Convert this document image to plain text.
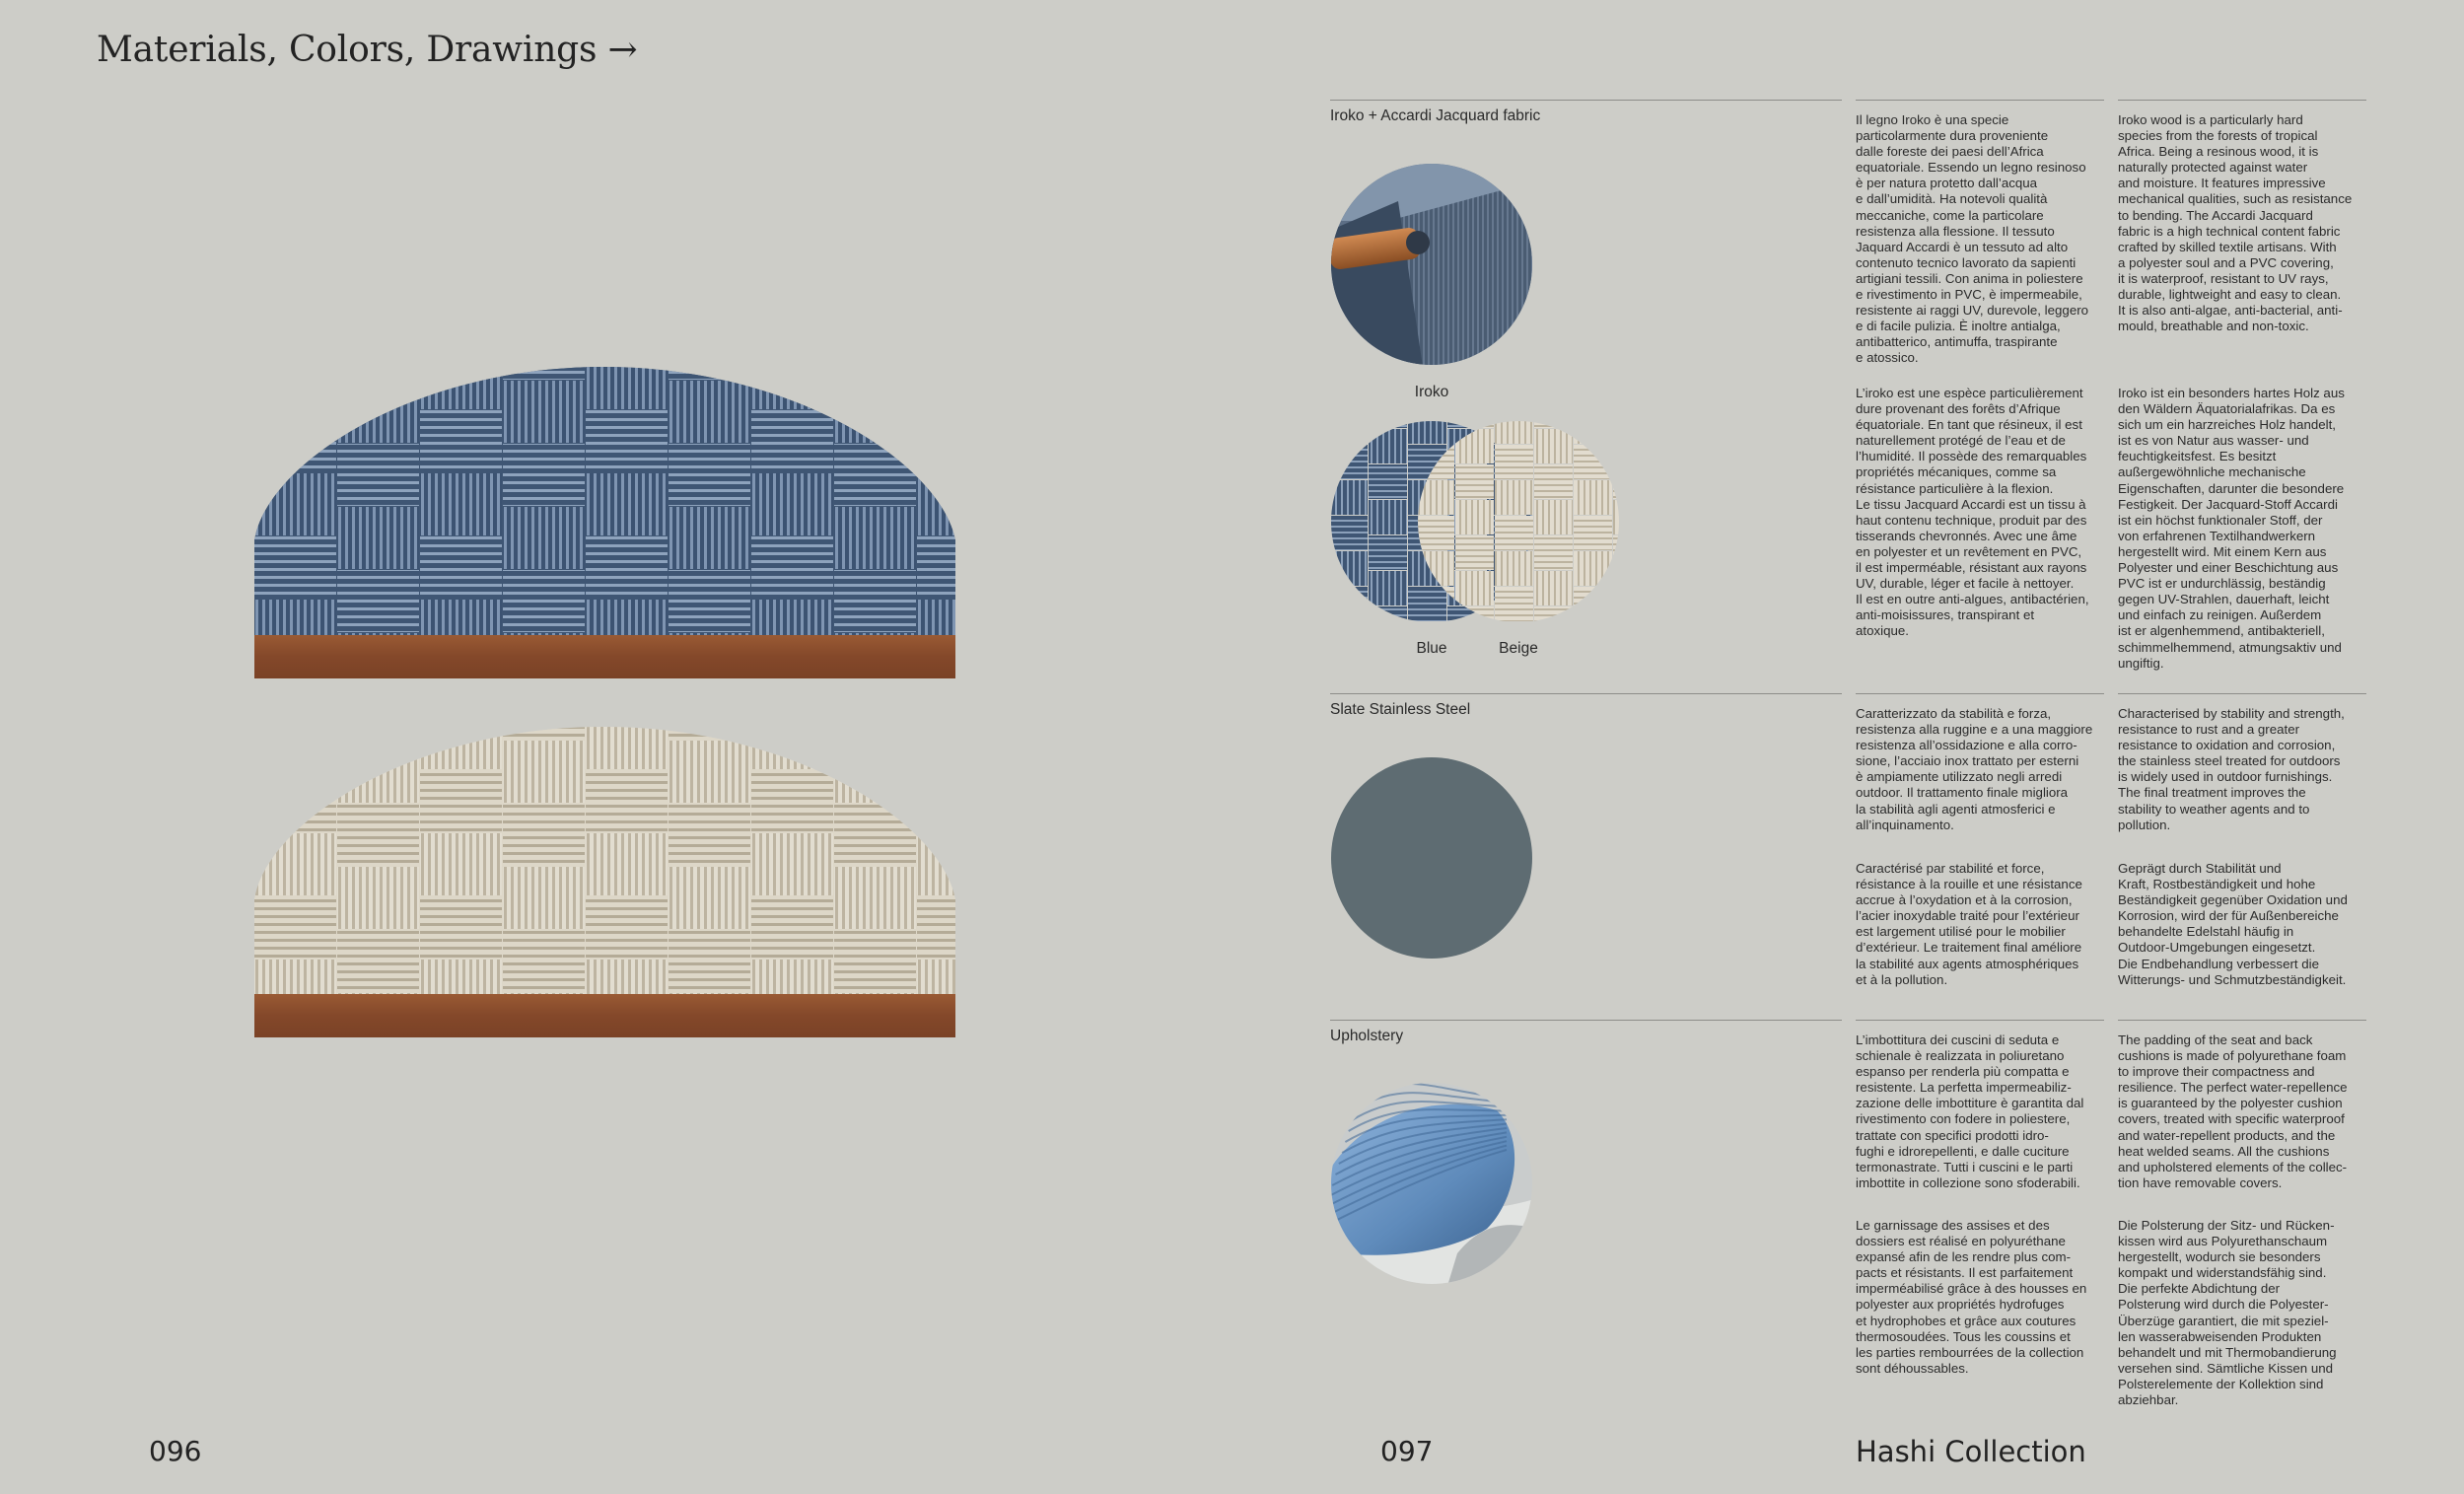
Materials, Colors, Drawings →
Iroko + Accardi Jacquard fabric
Iroko
Blue	Beige
Il legno Iroko è una specie
particolarmente dura proveniente
dalle foreste dei paesi dell’Africa
equatoriale. Essendo un legno resinoso
è per natura protetto dall’acqua
e dall’umidità. Ha notevoli qualità
meccaniche, come la particolare
resistenza alla flessione. Il tessuto
Jaquard Accardi è un tessuto ad alto
contenuto tecnico lavorato da sapienti
artigiani tessili. Con anima in poliestere
e rivestimento in PVC, è impermeabile,
resistente ai raggi UV, durevole, leggero
e di facile pulizia. È inoltre antialga,
antibatterico, antimuffa, traspirante
e atossico.
Iroko wood is a particularly hard
species from the forests of tropical
Africa. Being a resinous wood, it is
naturally protected against water
and moisture. It features impressive
mechanical qualities, such as resistance
to bending. The Accardi Jacquard
fabric is a high technical content fabric
crafted by skilled textile artisans. With
a polyester soul and a PVC covering,
it is waterproof, resistant to UV rays,
durable, lightweight and easy to clean.
It is also anti-algae, anti-bacterial, anti-
mould, breathable and non-toxic.
L’iroko est une espèce particulièrement
dure provenant des forêts d’Afrique
équatoriale. En tant que résineux, il est
naturellement protégé de l’eau et de
l’humidité. Il possède des remarquables
propriétés mécaniques, comme sa
résistance particulière à la flexion.
Le tissu Jacquard Accardi est un tissu à
haut contenu technique, produit par des
tisserands chevronnés. Avec une âme
en polyester et un revêtement en PVC,
il est imperméable, résistant aux rayons
UV, durable, léger et facile à nettoyer.
Il est en outre anti-algues, antibactérien,
anti-moisissures, transpirant et
atoxique.
Iroko ist ein besonders hartes Holz aus
den Wäldern Äquatorialafrikas. Da es
sich um ein harzreiches Holz handelt,
ist es von Natur aus wasser- und
feuchtigkeitsfest. Es besitzt
außergewöhnliche mechanische
Eigenschaften, darunter die besondere
Festigkeit. Der Jacquard-Stoff Accardi
ist ein höchst funktionaler Stoff, der
von erfahrenen Textilhandwerkern
hergestellt wird. Mit einem Kern aus
Polyester und einer Beschichtung aus
PVC ist er undurchlässig, beständig
gegen UV-Strahlen, dauerhaft, leicht
und einfach zu reinigen. Außerdem
ist er algenhemmend, antibakteriell,
schimmelhemmend, atmungsaktiv und
ungiftig.
Slate Stainless Steel	Caratterizzato da stabilità e forza,
resistenza alla ruggine e a una maggiore
resistenza all’ossidazione e alla corro-
sione, l’acciaio inox trattato per esterni
è ampiamente utilizzato negli arredi
outdoor. Il trattamento finale migliora
la stabilità agli agenti atmosferici e
all’inquinamento.
Characterised by stability and strength,
resistance to rust and a greater
resistance to oxidation and corrosion,
the stainless steel treated for outdoors
is widely used in outdoor furnishings.
The final treatment improves the
stability to weather agents and to
pollution.
Caractérisé par stabilité et force,
résistance à la rouille et une résistance
accrue à l’oxydation et à la corrosion,
l’acier inoxydable traité pour l’extérieur
est largement utilisé pour le mobilier
d’extérieur. Le traitement final améliore
la stabilité aux agents atmosphériques
et à la pollution.
Geprägt durch Stabilität und
Kraft, Rostbeständigkeit und hohe
Beständigkeit gegenüber Oxidation und
Korrosion, wird der für Außenbereiche
behandelte Edelstahl häufig in
Outdoor-Umgebungen eingesetzt.
Die Endbehandlung verbessert die
Witterungs- und Schmutzbeständigkeit.
Upholstery	L’imbottitura dei cuscini di seduta e
schienale è realizzata in poliuretano
espanso per renderla più compatta e
resistente. La perfetta impermeabiliz-
zazione delle imbottiture è garantita dal
rivestimento con fodere in poliestere,
trattate con specifici prodotti idro-
fughi e idrorepellenti, e dalle cuciture
termonastrate. Tutti i cuscini e le parti
imbottite in collezione sono sfoderabili.
The padding of the seat and back
cushions is made of polyurethane foam
to improve their compactness and
resilience. The perfect water-repellence
is guaranteed by the polyester cushion
covers, treated with specific waterproof
and water-repellent products, and the
heat welded seams. All the cushions
and upholstered elements of the collec-
tion have removable covers.
Le garnissage des assises et des
dossiers est réalisé en polyuréthane
expansé afin de les rendre plus com-
pacts et résistants. Il est parfaitement
imperméabilisé grâce à des housses en
polyester aux propriétés hydrofuges
et hydrophobes et grâce aux coutures
thermosoudées. Tous les coussins et
les parties rembourrées de la collection
sont déhoussables.
Die Polsterung der Sitz- und Rücken-
kissen wird aus Polyurethanschaum
hergestellt, wodurch sie besonders
kompakt und widerstandsfähig sind.
Die perfekte Abdichtung der
Polsterung wird durch die Polyester-
Überzüge garantiert, die mit speziel-
len wasserabweisenden Produkten
behandelt und mit Thermobandierung
versehen sind. Sämtliche Kissen und
Polsterelemente der Kollektion sind
abziehbar.
096	097	Hashi Collection
